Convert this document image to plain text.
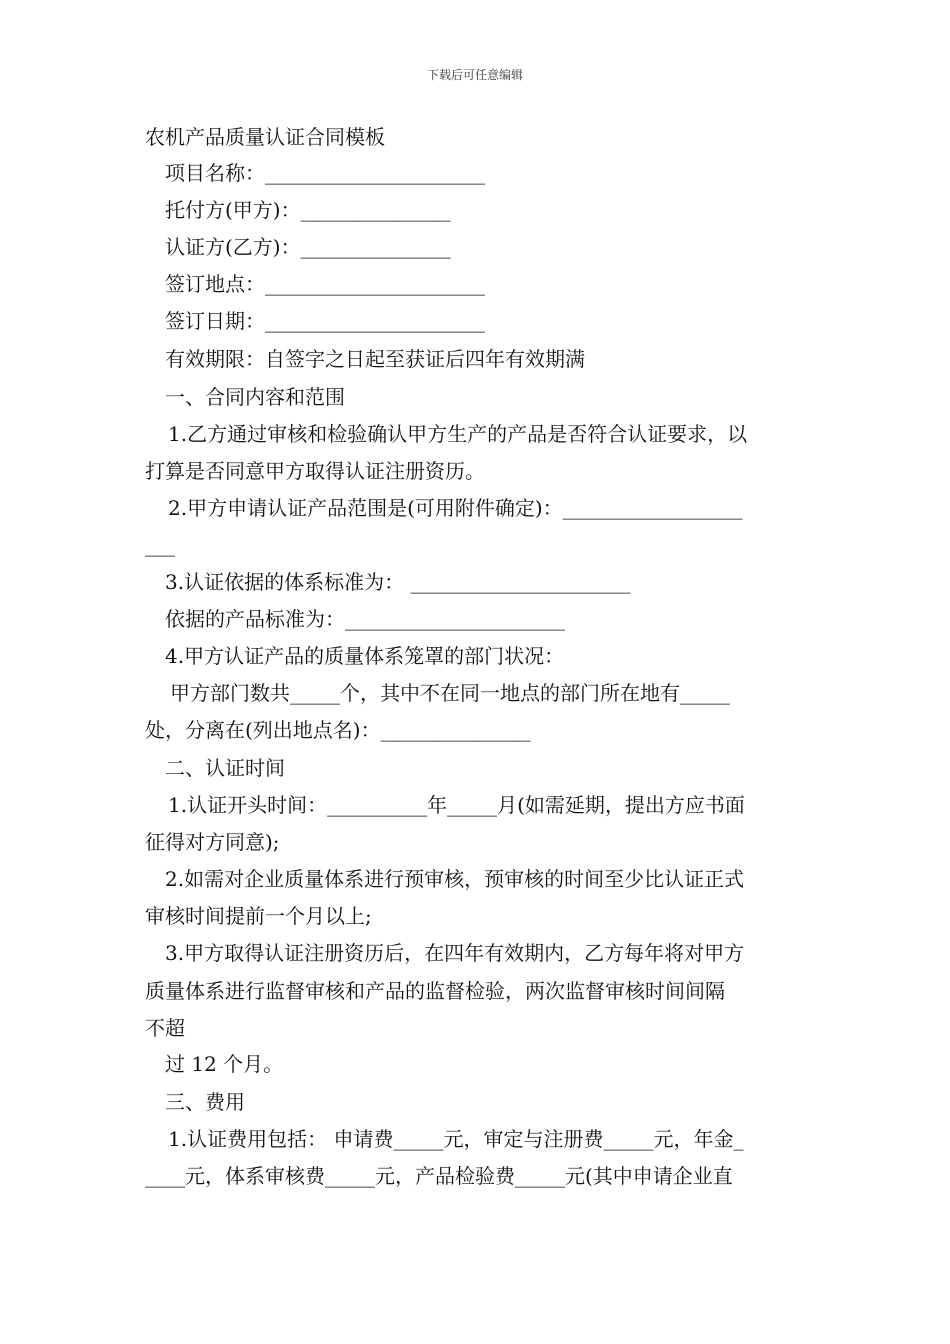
下载后可任意编辑
农机产品质量认证合同模板
项目名称：______________________
托付方(甲方)：_______________
认证方(乙方)：_______________
签订地点：______________________
签订日期：______________________
有效期限：自签字之日起至获证后四年有效期满
一、合同内容和范围
1.乙方通过审核和检验确认甲方生产的产品是否符合认证要求，以
打算是否同意甲方取得认证注册资历。
2.甲方申请认证产品范围是(可用附件确定)：__________________
___
3.认证依据的体系标准为： ______________________
依据的产品标准为：______________________
4.甲方认证产品的质量体系笼罩的部门状况：
甲方部门数共_____个，其中不在同一地点的部门所在地有_____
处，分离在(列出地点名)：_______________
二、认证时间
1.认证开头时间：__________年_____月(如需延期，提出方应书面
征得对方同意);
2.如需对企业质量体系进行预审核，预审核的时间至少比认证正式
审核时间提前一个月以上;
3.甲方取得认证注册资历后，在四年有效期内，乙方每年将对甲方
质量体系进行监督审核和产品的监督检验，两次监督审核时间间隔
不超
过 12 个月。
三、费用
1.认证费用包括： 申请费_____元，审定与注册费_____元，年金_
____元，体系审核费_____元，产品检验费_____元(其中申请企业直
